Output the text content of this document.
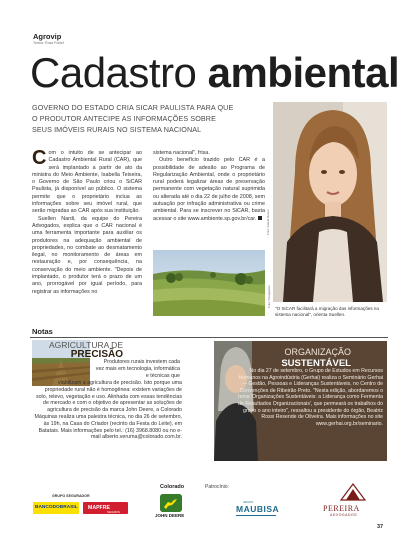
Agrovip
Textos: Rosa Rubini
Cadastro ambiental
GOVERNO DO ESTADO CRIA SICAR PAULISTA PARA QUE O PRODUTOR ANTECIPE AS INFORMAÇÕES SOBRE SEUS IMÓVEIS RURAIS NO SISTEMA NACIONAL
C om o intuito de se antecipar ao Cadastro Ambiental Rural (CAR), que será implantado a partir de ato da ministra do Meio Ambiente, Isabella Teixeira, o Governo de São Paulo criou o SiCAR Paulista, já disponível ao público. O sistema permite que o proprietário inclua as informações sobre seu imóvel rural, que serão migradas ao CAR após sua instituição.

Suellen Nardi, da equipe do Pereira Advogados, explica que o CAR nacional é uma ferramenta importante para auxiliar os produtores na adequação ambiental de propriedades, no combate ao desmatamento ilegal, no monitoramento de áreas em restauração e, por consequência, na conservação do meio ambiente. "Depois de implantado, o produtor terá o prazo de um ano, prorrogável por igual período, para registrar as informações no

sistema nacional", frisa.

Outro benefício trazido pelo CAR é a possibilidade de adesão ao Programa de Regularização Ambiental, onde o proprietário rural poderá legalizar áreas de preservação permanente com vegetação natural suprimida ou alterada até o dia 22 de julho de 2008, sem autuação por infração administrativa ou crime ambiental. Para se inscrever no SiCAR, basta acessar o site www.ambiente.sp.gov.br/car.

Foto: Divulgação
Foto: Daniel Russo
"O SiCAR facilitará a migração das informações no sistema nacional", orienta Suellen.
Notas
AGRICULTURA DE
PRECISÃO
Produtores rurais investem cada vez mais em tecnologia, informática e técnicas que
viabilizam a agricultura de precisão. Isto porque uma propriedade rural não é homogênea: existem variações de solo, relevo, vegetação e uso. Alinhada com essas tendências de mercado e com o objetivo de apresentar as soluções de agricultura de precisão da marca John Deere, a Colorado Máquinas realiza uma palestra técnica, no dia 26 de setembro, às 19h, na Casa do Criador (recinto da Festa do Leite), em Batatais. Mais informações pelo tel.: (16) 3968.8080 ou no e-mail alberto.veruma@colorado.com.br.
ORGANIZAÇÃO
SUSTENTÁVEL
No dia 27 de setembro, o Grupo de Estudos em Recursos Humanos na Agroindústria (Gerhai) realiza o Seminário Gerhai — Gestão, Pessoas e Lideranças Sustentáveis, no Centro de Convenções de Ribeirão Preto. "Nesta edição, abordaremos o tema 'Organizações Sustentáveis: a Liderança como Fermenta de Resultados Organizacionais', que permeará os trabalhos do grupo o ano inteiro", ressaltou a presidente do órgão, Beatriz Rossi Resende de Oliveira. Mais informações no site www.gerhai.org.br/seminario.
Colorado	Patrocínio:
GRUPO SEGURADOR
BANCODOBRASIL MAPFRE
SEGUROS
JOHN DEERE
GRUPO
MAUBISA	PEREIRA
ADVOGADOS
37
